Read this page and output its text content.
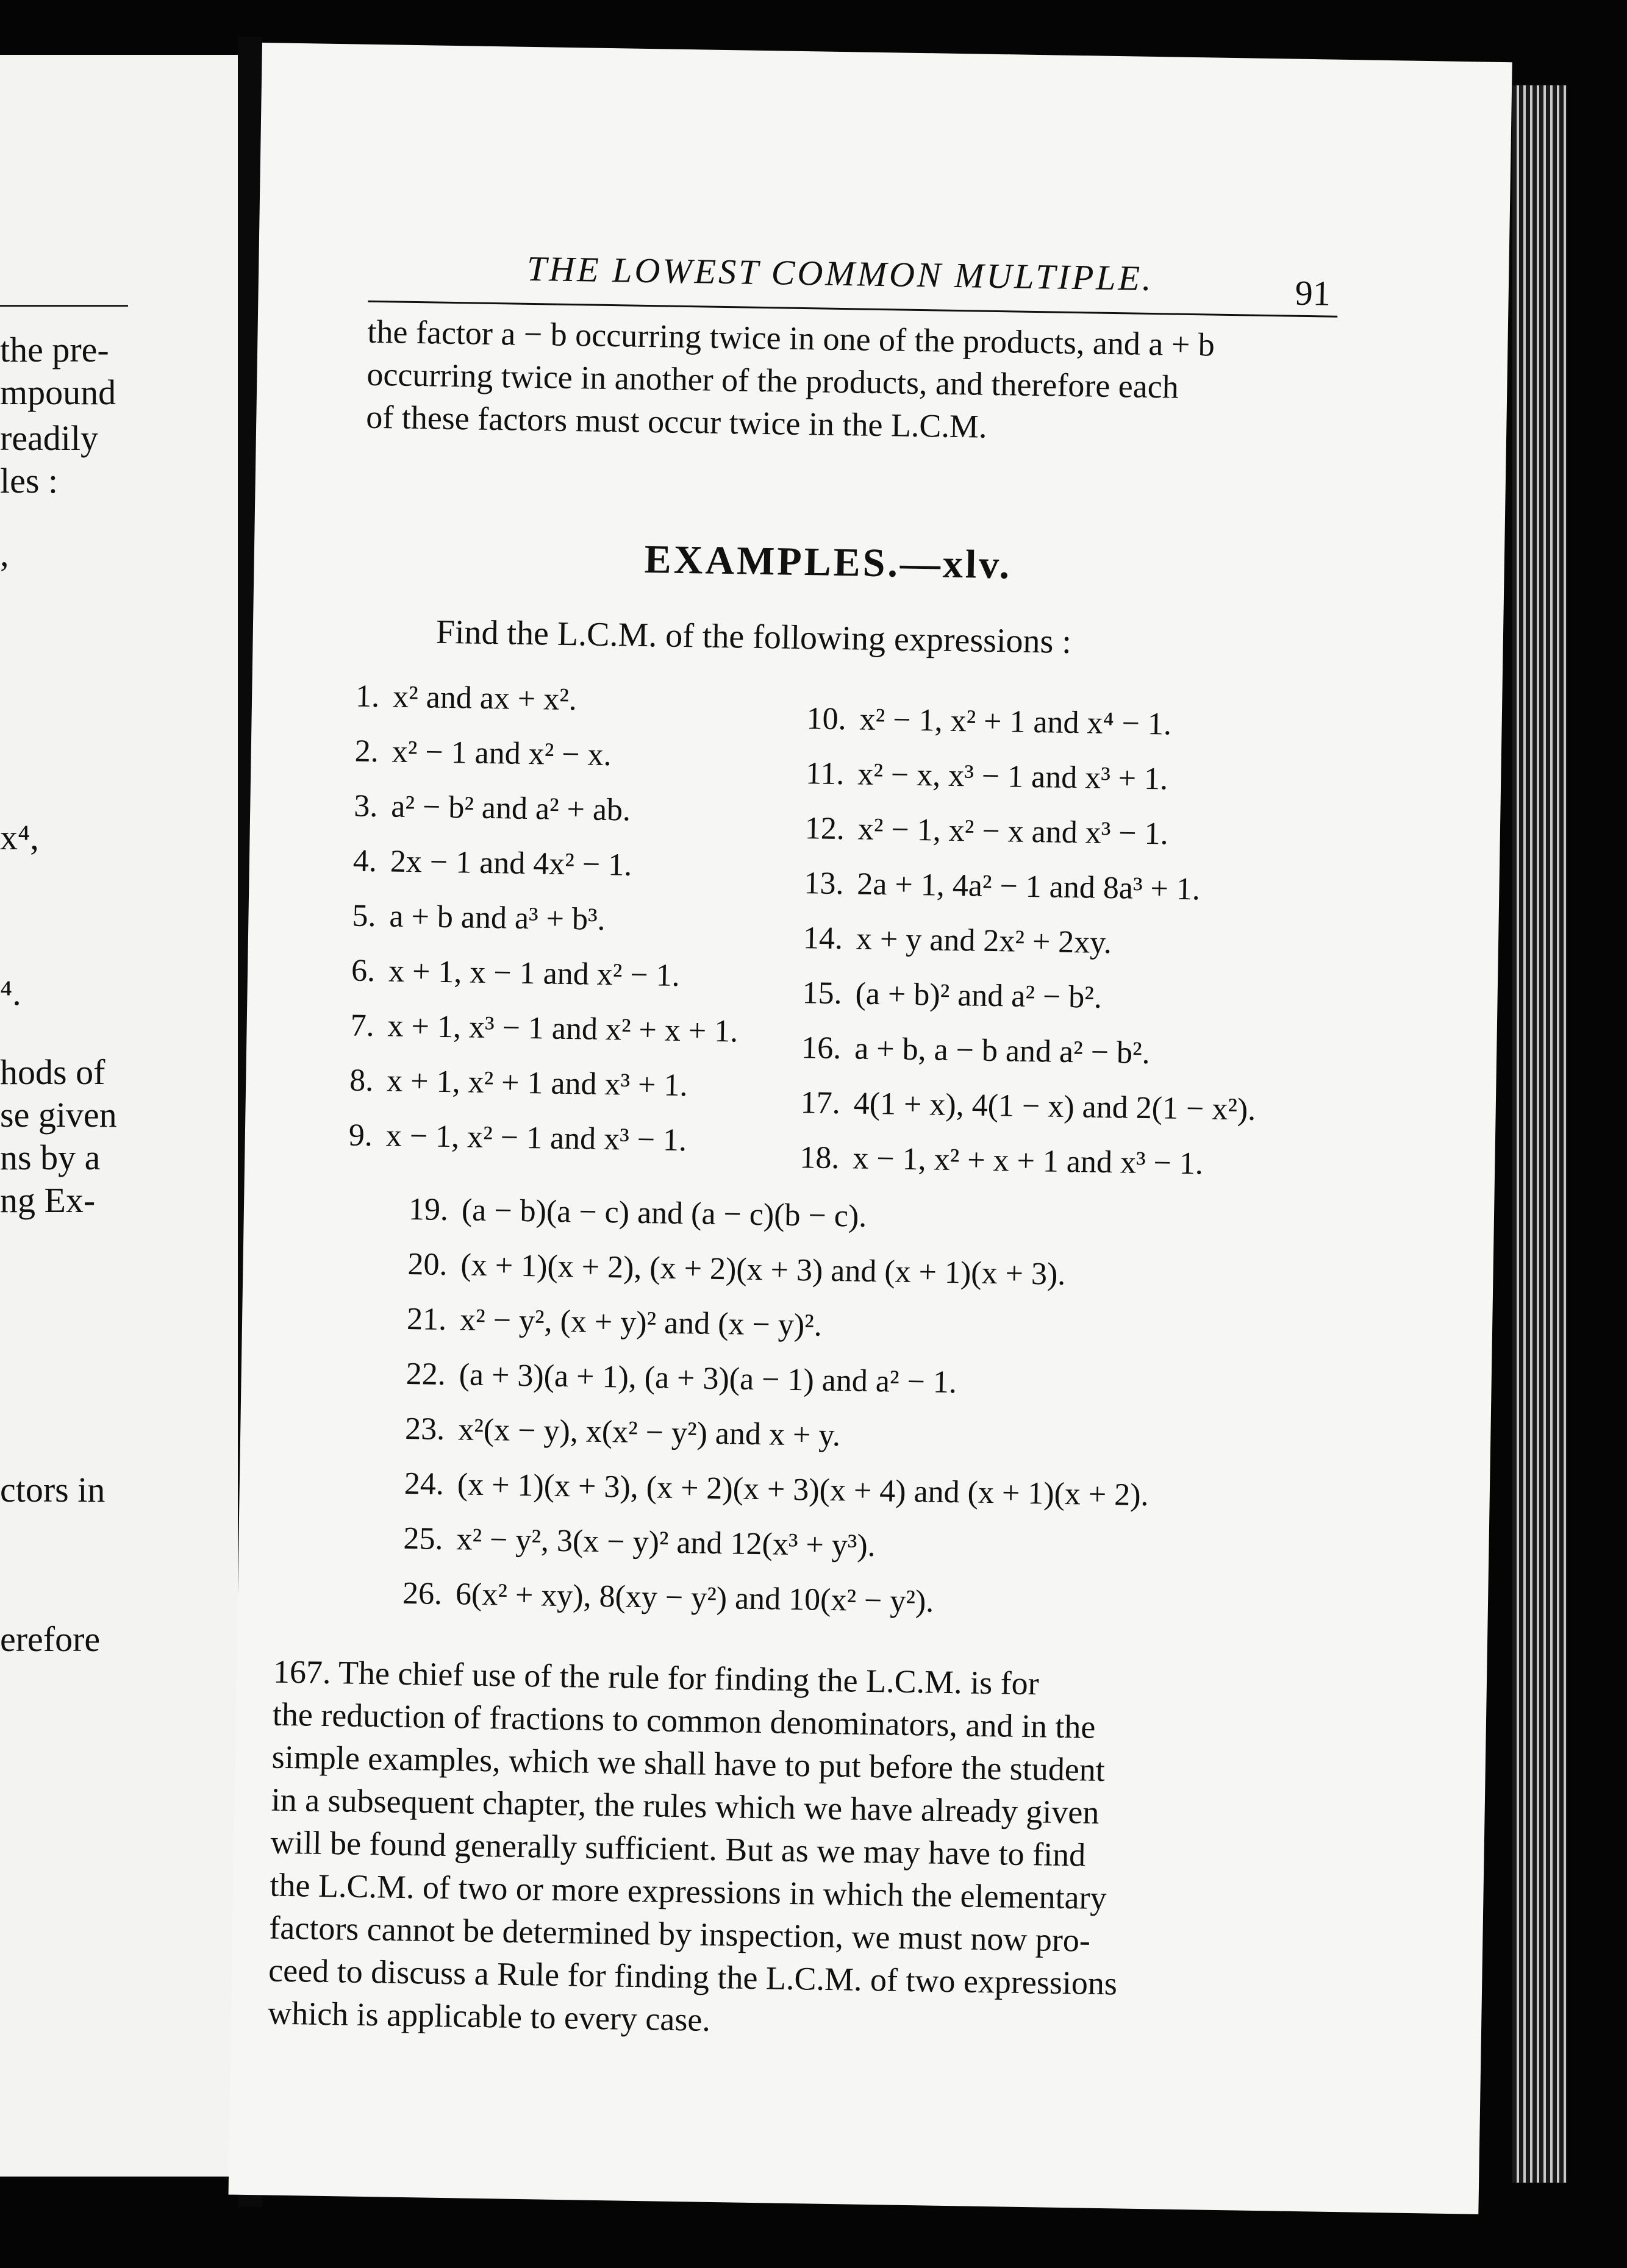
the pre-
mpound
readily
les :
,
x⁴,
⁴.
hods of
se given
ns by a
ng Ex-
ctors in
erefore
THE LOWEST COMMON MULTIPLE.	91
the factor a − b occurring twice in one of the products, and a + b
occurring twice in another of the products, and therefore each
of these factors must occur twice in the L.C.M.
EXAMPLES.—xlv.
Find the L.C.M. of the following expressions :
1. x² and ax + x².
2. x² − 1 and x² − x.
3. a² − b² and a² + ab.
4. 2x − 1 and 4x² − 1.
5. a + b and a³ + b³.
6. x + 1, x − 1 and x² − 1.
7. x + 1, x³ − 1 and x² + x + 1.
8. x + 1, x² + 1 and x³ + 1.
9. x − 1, x² − 1 and x³ − 1.
10. x² − 1, x² + 1 and x⁴ − 1.
11. x² − x, x³ − 1 and x³ + 1.
12. x² − 1, x² − x and x³ − 1.
13. 2a + 1, 4a² − 1 and 8a³ + 1.
14. x + y and 2x² + 2xy.
15. (a + b)² and a² − b².
16. a + b, a − b and a² − b².
17. 4(1 + x), 4(1 − x) and 2(1 − x²).
18. x − 1, x² + x + 1 and x³ − 1.
19. (a − b)(a − c) and (a − c)(b − c).
20. (x + 1)(x + 2), (x + 2)(x + 3) and (x + 1)(x + 3).
21. x² − y², (x + y)² and (x − y)².
22. (a + 3)(a + 1), (a + 3)(a − 1) and a² − 1.
23. x²(x − y), x(x² − y²) and x + y.
24. (x + 1)(x + 3), (x + 2)(x + 3)(x + 4) and (x + 1)(x + 2).
25. x² − y², 3(x − y)² and 12(x³ + y³).
26. 6(x² + xy), 8(xy − y²) and 10(x² − y²).
167. The chief use of the rule for finding the L.C.M. is for
the reduction of fractions to common denominators, and in the
simple examples, which we shall have to put before the student
in a subsequent chapter, the rules which we have already given
will be found generally sufficient. But as we may have to find
the L.C.M. of two or more expressions in which the elementary
factors cannot be determined by inspection, we must now pro-
ceed to discuss a Rule for finding the L.C.M. of two expressions
which is applicable to every case.
